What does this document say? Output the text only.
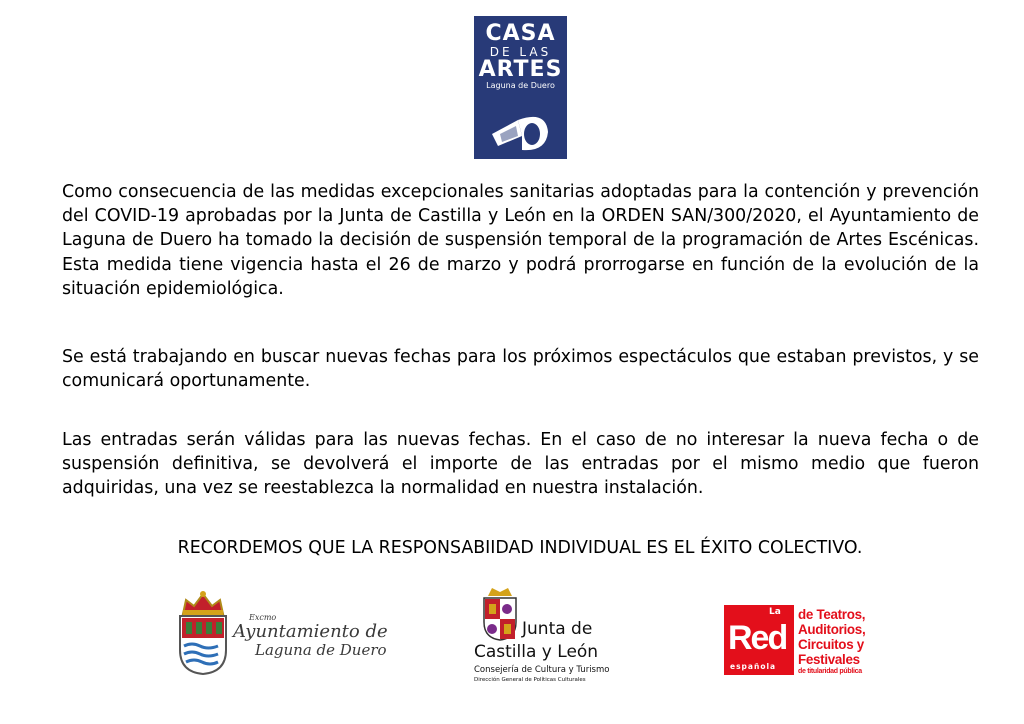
CASA
DE LAS
ARTES
Laguna de Duero

Como consecuencia de las medidas excepcionales sanitarias adoptadas para la contención y prevención del COVID-19 aprobadas por la Junta de Castilla y León en la ORDEN SAN/300/2020, el Ayuntamiento de Laguna de Duero ha tomado la decisión de suspensión temporal de la programación de Artes Escénicas. Esta medida tiene vigencia hasta el 26 de marzo y podrá prorrogarse en función de la evolución de la situación epidemiológica.

Se está trabajando en buscar nuevas fechas para los próximos espectáculos que estaban previstos, y se comunicará oportunamente.

Las entradas serán válidas para las nuevas fechas. En el caso de no interesar la nueva fecha o de suspensión definitiva, se devolverá el importe de las entradas por el mismo medio que fueron adquiridas, una vez se reestablezca la normalidad en nuestra instalación.

RECORDEMOS QUE LA RESPONSABIIDAD INDIVIDUAL ES EL ÉXITO COLECTIVO.

Excmo
Ayuntamiento de
Laguna de Duero
Junta de
Castilla y León
Consejería de Cultura y Turismo
Dirección General de Políticas Culturales
La
Red
española
de Teatros,
Auditorios,
Circuitos y
Festivales
de titularidad pública
